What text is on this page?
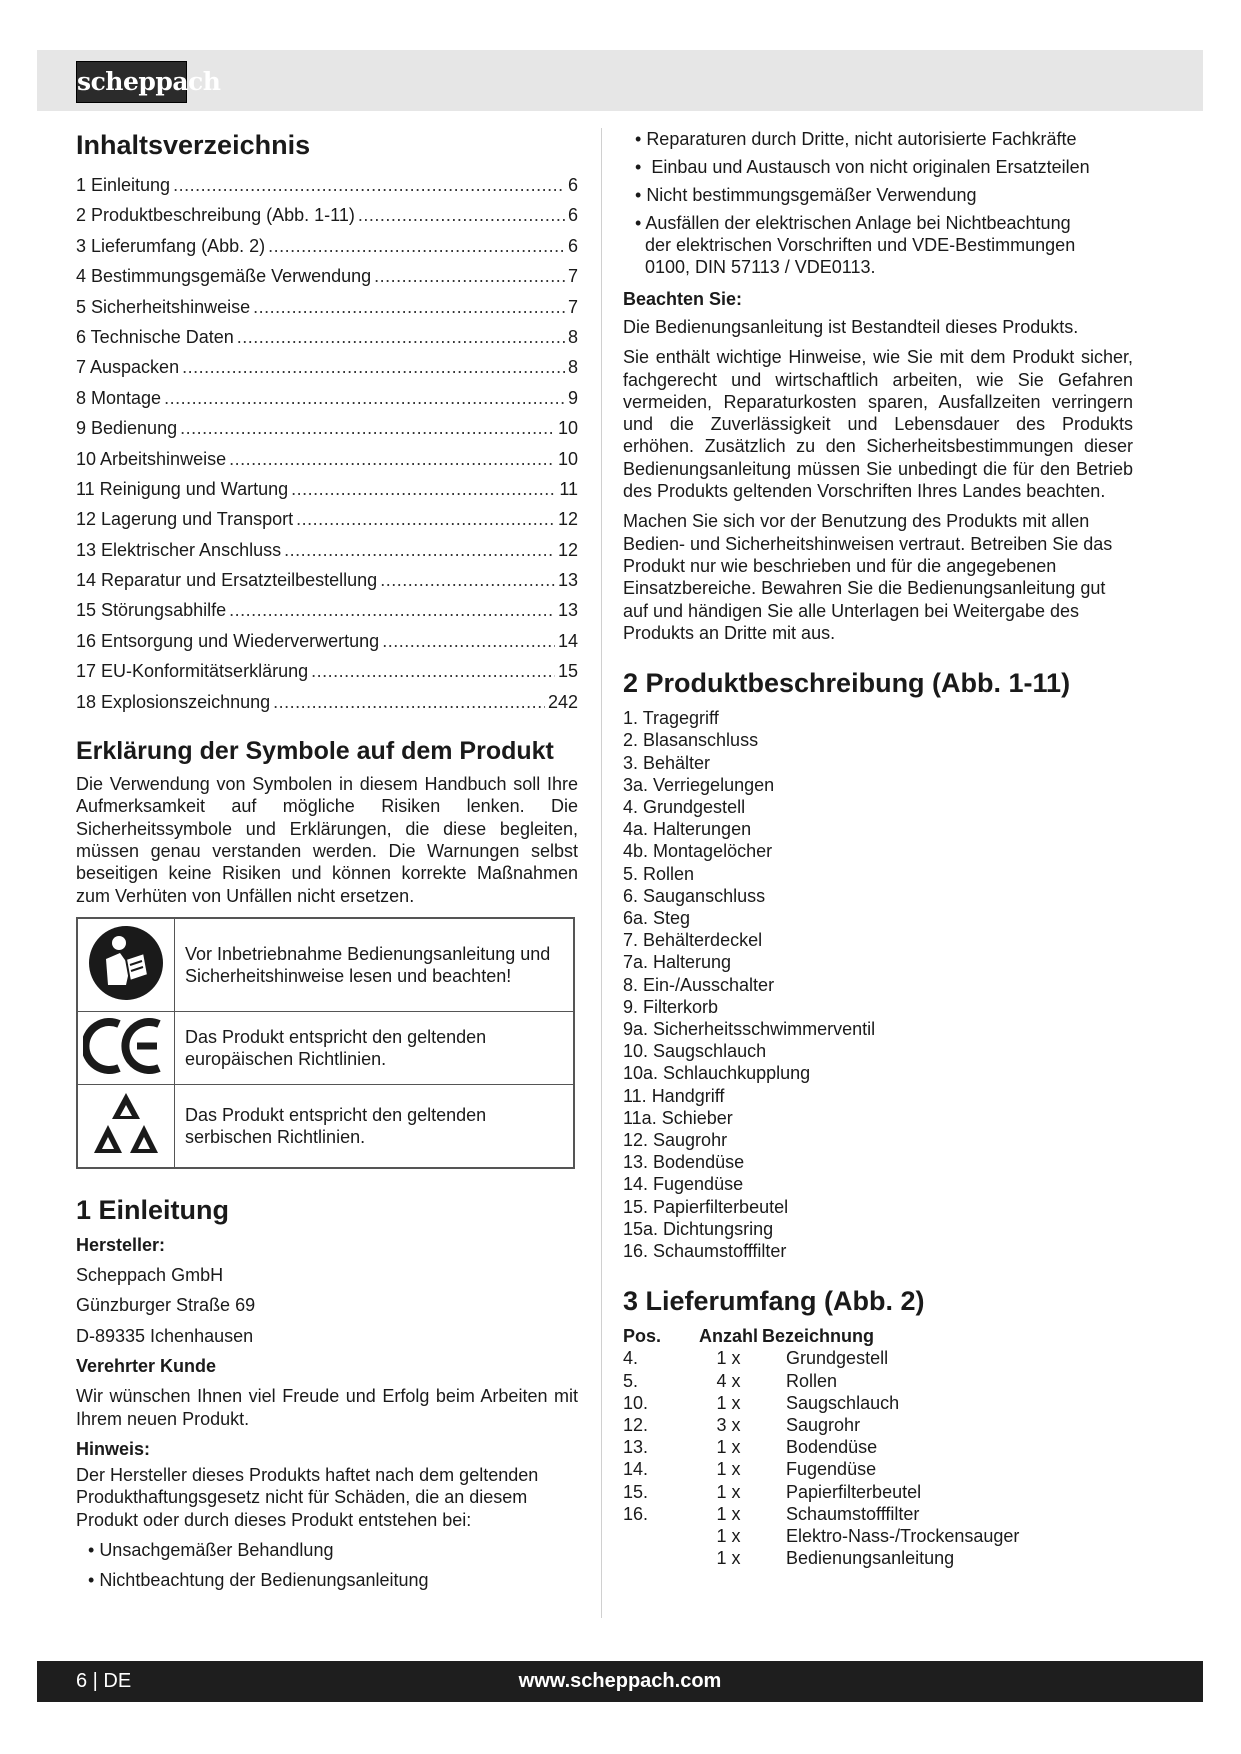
scheppach
Inhaltsverzeichnis
1 Einleitung .....	6
2 Produktbeschreibung (Abb. 1-11) .....	6
3 Lieferumfang (Abb. 2) .....	6
4 Bestimmungsgemäße Verwendung .....	7
5 Sicherheitshinweise .....	7
6 Technische Daten .....	8
7 Auspacken .....	8
8 Montage .....	9
9 Bedienung .....	10
10 Arbeitshinweise .....	10
11 Reinigung und Wartung .....	11
12 Lagerung und Transport .....	12
13 Elektrischer Anschluss .....	12
14 Reparatur und Ersatzteilbestellung .....	13
15 Störungsabhilfe .....	13
16 Entsorgung und Wiederverwertung .....	14
17 EU-Konformitätserklärung .....	15
18 Explosionszeichnung .....	242
Erklärung der Symbole auf dem Produkt

Die Verwendung von Symbolen in diesem Handbuch soll Ihre Aufmerksamkeit auf mögliche Risiken lenken. Die Sicherheitssymbole und Erklärungen, die diese begleiten, müssen genau verstanden werden. Die Warnungen selbst beseitigen keine Risiken und können korrekte Maßnahmen zum Verhüten von Unfällen nicht ersetzen.

	Vor Inbetriebnahme Bedienungsanleitung und Sicherheitshinweise lesen und beachten!
	Das Produkt entspricht den geltenden europäischen Richtlinien.
	Das Produkt entspricht den geltenden serbischen Richtlinien.
1 Einleitung
Hersteller:
Scheppach GmbH
Günzburger Straße 69
D-89335 Ichenhausen
Verehrter Kunde

Wir wünschen Ihnen viel Freude und Erfolg beim Arbeiten mit Ihrem neuen Produkt.

Hinweis:

Der Hersteller dieses Produkts haftet nach dem geltenden Produkthaftungsgesetz nicht für Schäden, die an diesem Produkt oder durch dieses Produkt entstehen bei:

• Unsachgemäßer Behandlung
• Nichtbeachtung der Bedienungsanleitung
• Reparaturen durch Dritte, nicht autorisierte Fachkräfte
•  Einbau und Austausch von nicht originalen Ersatzteilen
• Nicht bestimmungsgemäßer Verwendung
• Ausfällen der elektrischen Anlage bei Nichtbeachtung
der elektrischen Vorschriften und VDE-Bestimmungen
0100, DIN 57113 / VDE0113.
Beachten Sie:

Die Bedienungsanleitung ist Bestandteil dieses Produkts.

Sie enthält wichtige Hinweise, wie Sie mit dem Produkt sicher, fachgerecht und wirtschaftlich arbeiten, wie Sie Gefahren vermeiden, Reparaturkosten sparen, Ausfallzeiten verringern und die Zuverlässigkeit und Lebensdauer des Produkts erhöhen. Zusätzlich zu den Sicherheitsbestimmungen dieser Bedienungsanleitung müssen Sie unbedingt die für den Betrieb des Produkts geltenden Vorschriften Ihres Landes beachten.

Machen Sie sich vor der Benutzung des Produkts mit allen Bedien- und Sicherheitshinweisen vertraut. Betreiben Sie das Produkt nur wie beschrieben und für die angegebenen Einsatzbereiche. Bewahren Sie die Bedienungsanleitung gut auf und händigen Sie alle Unterlagen bei Weitergabe des Produkts an Dritte mit aus.

2 Produktbeschreibung (Abb. 1-11)
1. Tragegriff
2. Blasanschluss
3. Behälter
3a. Verriegelungen
4. Grundgestell
4a. Halterungen
4b. Montagelöcher
5. Rollen
6. Sauganschluss
6a. Steg
7. Behälterdeckel
7a. Halterung
8. Ein-/Ausschalter
9. Filterkorb
9a. Sicherheitsschwimmerventil
10. Saugschlauch
10a. Schlauchkupplung
11. Handgriff
11a. Schieber
12. Saugrohr
13. Bodendüse
14. Fugendüse
15. Papierfilterbeutel
15a. Dichtungsring
16. Schaumstofffilter
3 Lieferumfang (Abb. 2)
Pos.	Anzahl	Bezeichnung
4.	1 x	Grundgestell
5.	4 x	Rollen
10.	1 x	Saugschlauch
12.	3 x	Saugrohr
13.	1 x	Bodendüse
14.	1 x	Fugendüse
15.	1 x	Papierfilterbeutel
16.	1 x	Schaumstofffilter
	1 x	Elektro-Nass-/Trockensauger
	1 x	Bedienungsanleitung
6 | DE	www.scheppach.com
